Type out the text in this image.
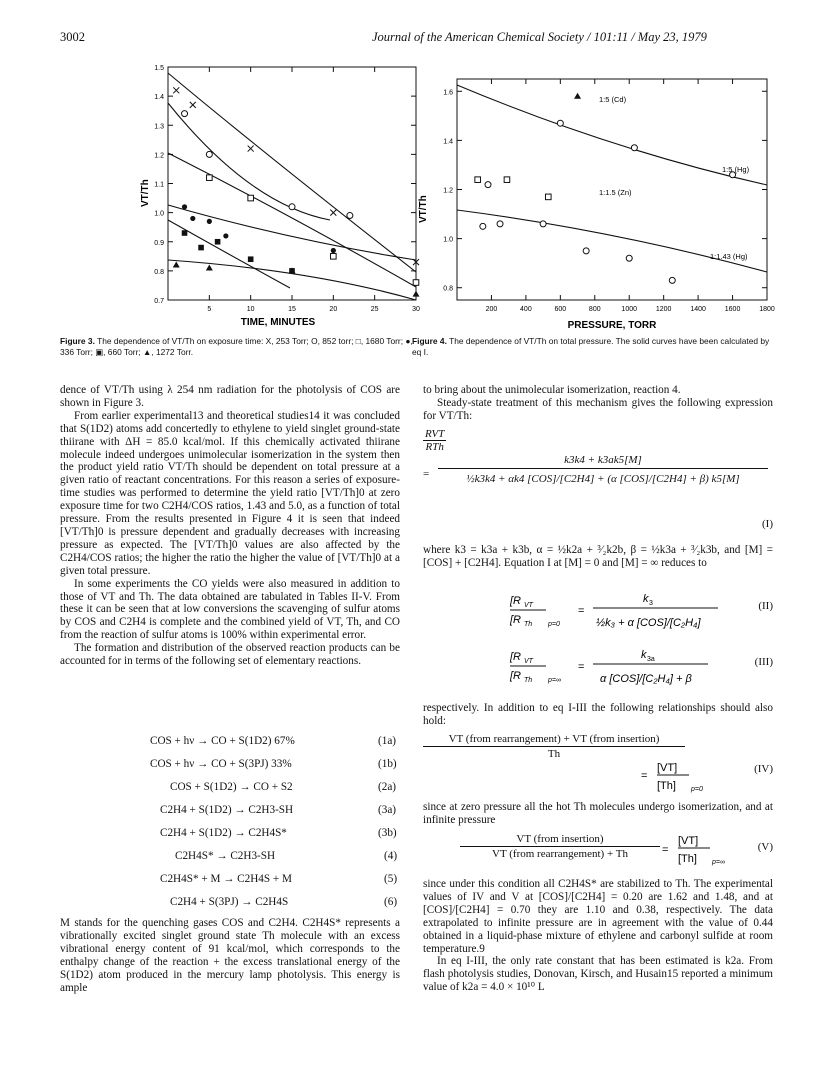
3002	Journal of the American Chemical Society / 101:11 / May 23, 1979
1.5
1.4
1.3
1.2
1.1
1.0
0.9
0.8
0.7
5	10	15	20	25	30
VT/Th
TIME, MINUTES
Figure 3. The dependence of VT/Th on exposure time: X, 253 Torr; O, 852 torr; □, 1680 Torr; ●, 336 Torr; ▣, 660 Torr; ▲, 1272 Torr.
1.6
1.4
1.2
1.0
0.8
200	400	600	800	1000	1200	1400	1600	1800
1:5 (Cd)
1:5 (Hg)
1:1.5 (Zn)
1:1.43 (Hg)
VT/Th
PRESSURE, TORR
Figure 4. The dependence of VT/Th on total pressure. The solid curves have been calculated by eq I.

dence of VT/Th using λ 254 nm radiation for the photolysis of COS are shown in Figure 3.

From earlier experimental13 and theoretical studies14 it was concluded that S(1D2) atoms add concertedly to ethylene to yield singlet ground-state thiirane with ΔH = 85.0 kcal/mol. If this chemically activated thiirane molecule indeed undergoes unimolecular isomerization in the system then the product yield ratio VT/Th should be dependent on total pressure at a given ratio of reactant concentrations. For this reason a series of exposure-time studies was performed to determine the yield ratio [VT/Th]0 at zero exposure time for two C2H4/COS ratios, 1.43 and 5.0, as a function of total pressure. From the results presented in Figure 4 it is seen that indeed [VT/Th]0 is pressure dependent and gradually decreases with increasing pressure as expected. The [VT/Th]0 values are also affected by the C2H4/COS ratios; the higher the ratio the higher the value of [VT/Th]0 at a given total pressure.

In some experiments the CO yields were also measured in addition to those of VT and Th. The data obtained are tabulated in Tables II-V. From these it can be seen that at low conversions the scavenging of sulfur atoms by COS and C2H4 is complete and the combined yield of VT, Th, and CO from the reaction of sulfur atoms is 100% within experimental error.

The formation and distribution of the observed reaction products can be accounted for in terms of the following set of elementary reactions.

COS + hν → CO + S(1D2) 67%	(1a)
COS + hν → CO + S(3PJ) 33%	(1b)
COS + S(1D2) → CO + S2	(2a)
C2H4 + S(1D2) → C2H3-SH	(3a)
C2H4 + S(1D2) → C2H4S*	(3b)
C2H4S* → C2H3-SH	(4)
C2H4S* + M → C2H4S + M	(5)
C2H4 + S(3PJ) → C2H4S	(6)

M stands for the quenching gases COS and C2H4. C2H4S* represents a vibrationally excited singlet ground state Th molecule with an excess vibrational energy content of 91 kcal/mol, which corresponds to the enthalpy change of the reaction + the excess translational energy of the S(1D2) atom produced in the mercury lamp photolysis. This energy is ample

to bring about the unimolecular isomerization, reaction 4.

Steady-state treatment of this mechanism gives the following expression for VT/Th:

$\frac{\text{RVT}}{\text{RTh}}$
=
k3k4 + k3ak5[M]
½k3k4 + αk4 [COS]/[C2H4] + (α [COS]/[C2H4] + β) k5[M]
(I)

where k3 = k3a + k3b, α = ½k2a + ³⁄₂k2b, β = ½k3a + ³⁄₂k3b, and [M] = [COS] + [C2H4]. Equation I at [M] = 0 and [M] = ∞ reduces to

[R VT
[R Th p=0
=
k 3
½k₃ + α [COS]/[C₂H₄]
(II)
[R VT
[R Th p=∞
=
k 3a
α [COS]/[C₂H₄] + β
(III)

respectively. In addition to eq I-III the following relationships should also hold:

VT (from rearrangement) + VT (from insertion)
Th
=
[VT]
[Th] p=0
(IV)

since at zero pressure all the hot Th molecules undergo isomerization, and at infinite pressure

VT (from insertion)
VT (from rearrangement) + Th	=
[VT]
[Th] p=∞
(V)

since under this condition all C2H4S* are stabilized to Th. The experimental values of IV and V at [COS]/[C2H4] = 0.20 are 1.62 and 1.48, and at [COS]/[C2H4] = 0.70 they are 1.10 and 0.38, respectively. The data extrapolated to infinite pressure are in agreement with the value of 0.44 obtained in a liquid-phase mixture of ethylene and carbonyl sulfide at room temperature.9

In eq I-III, the only rate constant that has been estimated is k2a. From flash photolysis studies, Donovan, Kirsch, and Husain15 reported a minimum value of k2a = 4.0 × 10¹⁰ L
